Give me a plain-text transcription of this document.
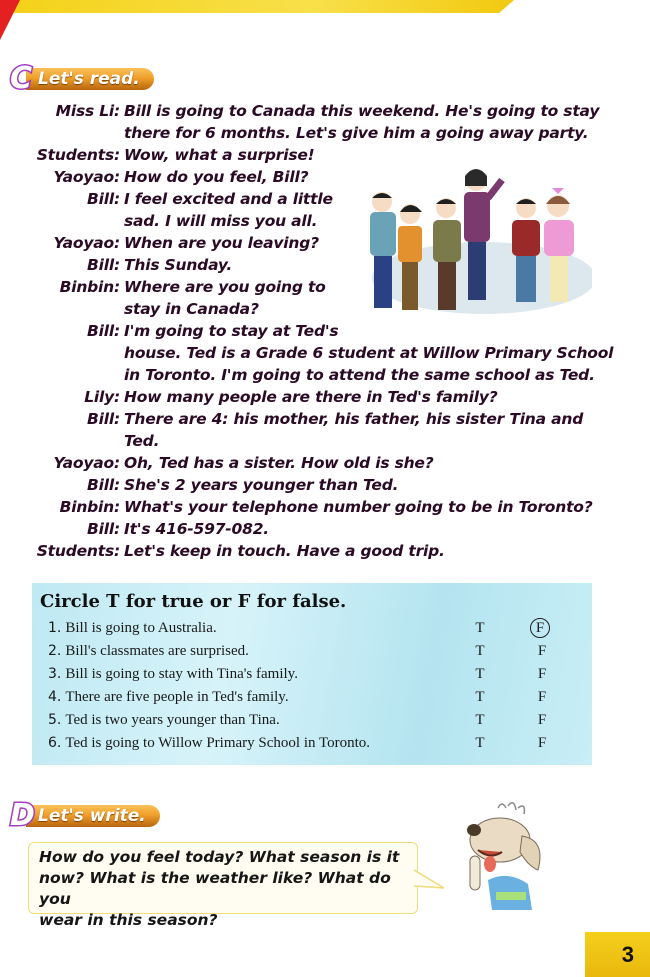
C Let's read.
Miss Li: Bill is going to Canada this weekend. He's going to stay
there for 6 months. Let's give him a going away party.
Students: Wow, what a surprise!
Yaoyao: How do you feel, Bill?
Bill: I feel excited and a little
sad. I will miss you all.
Yaoyao: When are you leaving?
Bill: This Sunday.
Binbin: Where are you going to
stay in Canada?
Bill: I'm going to stay at Ted's
house. Ted is a Grade 6 student at Willow Primary School
in Toronto. I'm going to attend the same school as Ted.
Lily: How many people are there in Ted's family?
Bill: There are 4: his mother, his father, his sister Tina and
Ted.
Yaoyao: Oh, Ted has a sister. How old is she?
Bill: She's 2 years younger than Ted.
Binbin: What's your telephone number going to be in Toronto?
Bill: It's 416-597-082.
Students: Let's keep in touch. Have a good trip.
Circle T for true or F for false.
1. Bill is going to Australia.	T	F
2. Bill's classmates are surprised.	T	F
3. Bill is going to stay with Tina's family.	T	F
4. There are five people in Ted's family.	T	F
5. Ted is two years younger than Tina.	T	F
6. Ted is going to Willow Primary School in Toronto.	T	F
D Let's write.
How do you feel today? What season is it
now? What is the weather like? What do you
wear in this season?
3
